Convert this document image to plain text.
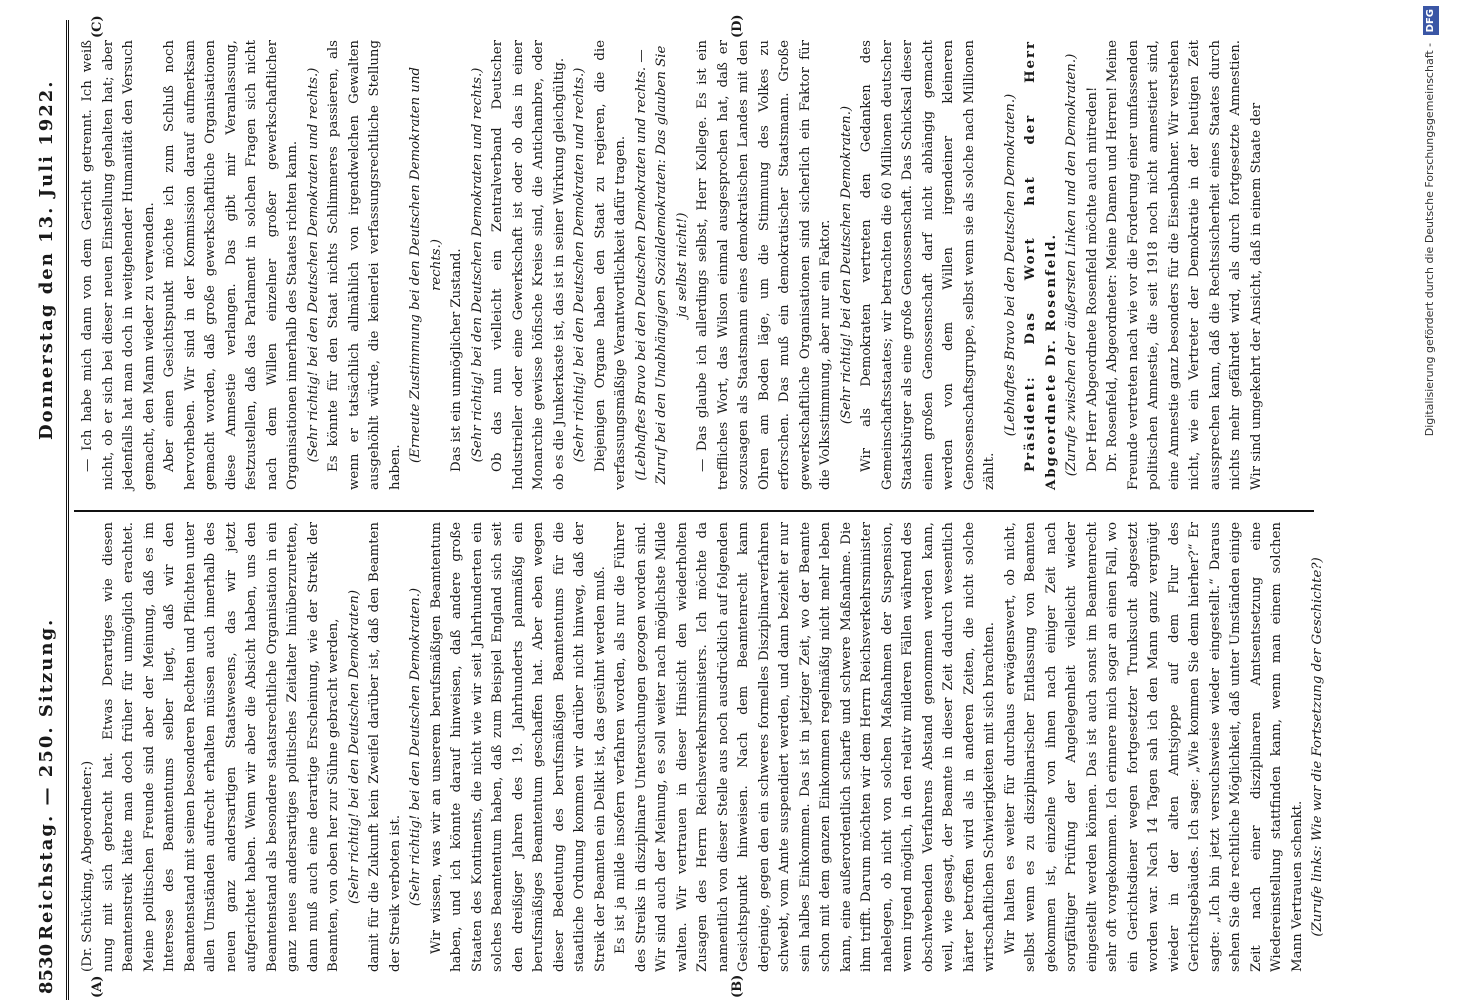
8530
Reichstag. — 250. Sitzung.
Donnerstag den 13. Juli 1922.
(A)	(B)
(C)	(D)

(Dr. Schücking, Abgeordneter:) nung mit sich gebracht hat. Etwas Derartiges wie diesen Beamtenstreik hätte man doch früher für unmöglich erachtet. Meine politischen Freunde sind aber der Meinung, daß es im Interesse des Beamtentums selber liegt, daß wir den Beamtenstand mit seinen besonderen Rechten und Pflichten unter allen Umständen aufrecht erhalten müssen auch innerhalb des neuen ganz andersartigen Staatswesens, das wir jetzt aufgerichtet haben. Wenn wir aber die Absicht haben, uns den Beamtenstand als besondere staatsrechtliche Organisation in ein ganz neues andersartiges politisches Zeitalter hinüberzuretten, dann muß auch eine derartige Erscheinung, wie der Streik der Beamten, von oben her zur Sühne gebracht werden, (Sehr richtig! bei den Deutschen Demokraten) damit für die Zukunft kein Zweifel darüber ist, daß den Beamten der Streik verboten ist. (Sehr richtig! bei den Deutschen Demokraten.) Wir wissen, was wir an unserem berufsmäßigen Beamtentum haben, und ich könnte darauf hinweisen, daß andere große Staaten des Kontinents, die nicht wie wir seit Jahrhunderten ein solches Beamtentum haben, daß zum Beispiel England sich seit den dreißiger Jahren des 19. Jahrhunderts planmäßig ein berufsmäßiges Beamtentum geschaffen hat. Aber eben wegen dieser Bedeutung des berufsmäßigen Beamtentums für die staatliche Ordnung kommen wir darüber nicht hinweg, daß der Streik der Beamten ein Delikt ist, das gesühnt werden muß. Es ist ja milde insofern verfahren worden, als nur die Führer des Streiks in disziplinare Untersuchungen gezogen worden sind. Wir sind auch der Meinung, es soll weiter nach möglichste Milde walten. Wir vertrauen in dieser Hinsicht den wiederholten Zusagen des Herrn Reichsverkehrsministers. Ich möchte da namentlich von dieser Stelle aus noch ausdrücklich auf folgenden Gesichtspunkt hinweisen. Nach dem Beamtenrecht kann derjenige, gegen den ein schweres formelles Disziplinarverfahren schwebt, vom Amte suspendiert werden, und dann bezieht er nur sein halbes Einkommen. Das ist in jetziger Zeit, wo der Beamte schon mit dem ganzen Einkommen regelmäßig nicht mehr leben kann, eine außerordentlich scharfe und schwere Maßnahme. Die ihm trifft. Darum möchten wir dem Herrn Reichsverkehrsminister nahelegen, ob nicht von solchen Maßnahmen der Suspension, wenn irgend möglich, in den relativ milderen Fällen während des obschwebenden Verfahrens Abstand genommen werden kann, weil, wie gesagt, der Beamte in dieser Zeit dadurch wesentlich härter betroffen wird als in anderen Zeiten, die nicht solche wirtschaftlichen Schwierigkeiten mit sich brachten. Wir halten es weiter für durchaus erwägenswert, ob nicht, selbst wenn es zu disziplinarischer Entlassung von Beamten gekommen ist, einzelne von ihnen nach einiger Zeit nach sorgfältiger Prüfung der Angelegenheit vielleicht wieder eingestellt werden können. Das ist auch sonst im Beamtenrecht sehr oft vorgekommen. Ich erinnere mich sogar an einen Fall, wo ein Gerichtsdiener wegen fortgesetzter Trunksucht abgesetzt worden war. Nach 14 Tagen sah ich den Mann ganz vergnügt wieder in der alten Amtsjoppe auf dem Flur des Gerichtsgebäudes. Ich sage: „Wie kommen Sie denn hierher?“ Er sagte: „Ich bin jetzt versuchsweise wieder eingestellt.“ Daraus sehen Sie die rechtliche Möglichkeit, daß unter Umständen einige Zeit nach einer disziplinaren Amtsentsetzung eine Wiedereinstellung stattfinden kann, wenn man einem solchen Mann Vertrauen schenkt. (Zurufe links: Wie war die Fortsetzung der Geschichte?)

— Ich habe mich dann von dem Gericht getrennt. Ich weiß nicht, ob er sich bei dieser neuen Einstellung gehalten hat; aber jedenfalls hat man doch in weitgehender Humanität den Versuch gemacht, den Mann wieder zu verwenden. Aber einen Gesichtspunkt möchte ich zum Schluß noch hervorheben. Wir sind in der Kommission darauf aufmerksam gemacht worden, daß große gewerkschaftliche Organisationen diese Amnestie verlangen. Das gibt mir Veranlassung, festzustellen, daß das Parlament in solchen Fragen sich nicht nach dem Willen einzelner großer gewerkschaftlicher Organisationen innerhalb des Staates richten kann. (Sehr richtig! bei den Deutschen Demokraten und rechts.) Es könnte für den Staat nichts Schlimmeres passieren, als wenn er tatsächlich allmählich von irgendwelchen Gewalten ausgehöhlt würde, die keinerlei verfassungsrechtliche Stellung haben.

(Erneute Zustimmung bei den Deutschen Demokraten und rechts.) Das ist ein unmöglicher Zustand. (Sehr richtig! bei den Deutschen Demokraten und rechts.) Ob das nun vielleicht ein Zentralverband Deutscher Industrieller oder eine Gewerkschaft ist oder ob das in einer Monarchie gewisse höfische Kreise sind, die Antichambre, oder ob es die Junkerkaste ist, das ist in seiner Wirkung gleichgültig. (Sehr richtig! bei den Deutschen Demokraten und rechts.) Diejenigen Organe haben den Staat zu regieren, die die verfassungsmäßige Verantwortlichkeit dafür tragen. (Lebhaftes Bravo bei den Deutschen Demokraten und rechts. — Zuruf bei den Unabhängigen Sozialdemokraten: Das glauben Sie ja selbst nicht!) — Das glaube ich allerdings selbst, Herr Kollege. Es ist ein treffliches Wort, das Wilson einmal ausgesprochen hat, daß er sozusagen als Staatsmann eines demokratischen Landes mit den Ohren am Boden läge, um die Stimmung des Volkes zu erforschen. Das muß ein demokratischer Staatsmann. Große gewerkschaftliche Organisationen sind sicherlich ein Faktor für die Volksstimmung, aber nur ein Faktor. (Sehr richtig! bei den Deutschen Demokraten.) Wir als Demokraten vertreten den Gedanken des Gemeinschaftsstaates; wir betrachten die 60 Millionen deutscher Staatsbürger als eine große Genossenschaft. Das Schicksal dieser einen großen Genossenschaft darf nicht abhängig gemacht werden von dem Willen irgendeiner kleineren Genossenschaftsgruppe, selbst wenn sie als solche nach Millionen zählt.

(Lebhaftes Bravo bei den Deutschen Demokraten.) Präsident: Das Wort hat der Herr Abgeordnete Dr. Rosenfeld. (Zurufe zwischen der äußersten Linken und den Demokraten.) Der Herr Abgeordnete Rosenfeld möchte auch mitreden! Dr. Rosenfeld, Abgeordneter: Meine Damen und Herren! Meine Freunde vertreten nach wie vor die Forderung einer umfassenden politischen Amnestie, die seit 1918 noch nicht amnestiert sind, eine Amnestie ganz besonders für die Eisenbahner. Wir verstehen nicht, wie ein Vertreter der Demokratie in der heutigen Zeit aussprechen kann, daß die Rechtssicherheit eines Staates durch nichts mehr gefährdet wird, als durch fortgesetzte Amnestien. Wir sind umgekehrt der Ansicht, daß in einem Staate der	Digitalisierung gefördert durch die Deutsche Forschungsgemeinschaft - DFG
